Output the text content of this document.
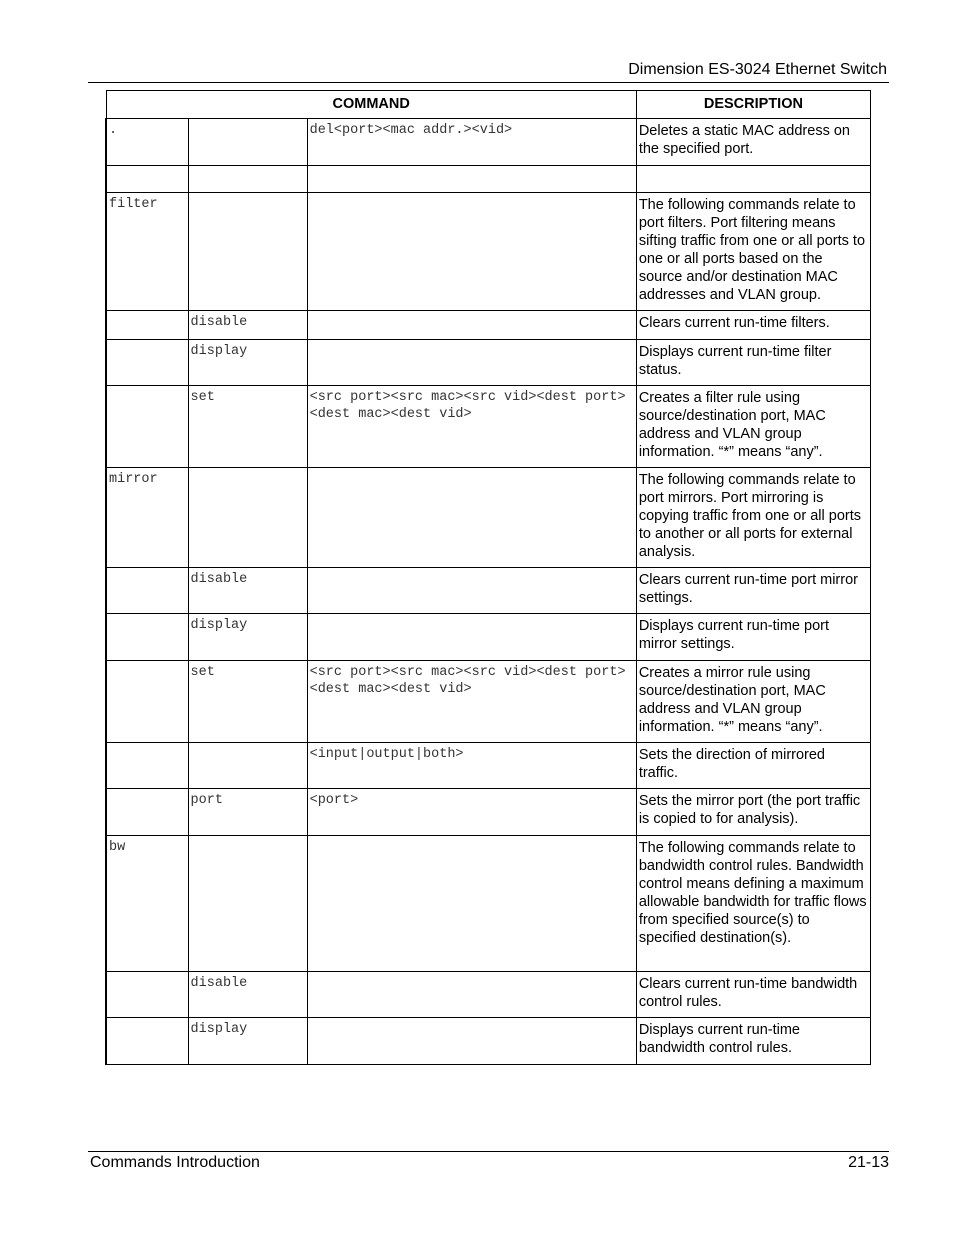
Dimension ES-3024 Ethernet Switch
COMMAND			DESCRIPTION
.		del<port><mac addr.><vid>	Deletes a static MAC address on the specified port.

filter			The following commands relate to port filters. Port filtering means sifting traffic from one or all ports to one or all ports based on the source and/or destination MAC addresses and VLAN group.
	disable		Clears current run-time filters.
	display		Displays current run-time filter status.
	set	<src port><src mac><src vid><dest port><dest mac><dest vid>	Creates a filter rule using source/destination port, MAC address and VLAN group information. “*” means “any”.
mirror			The following commands relate to port mirrors. Port mirroring is copying traffic from one or all ports to another or all ports for external analysis.
	disable		Clears current run-time port mirror settings.
	display		Displays current run-time port mirror settings.
	set	<src port><src mac><src vid><dest port><dest mac><dest vid>	Creates a mirror rule using source/destination port, MAC address and VLAN group information. “*” means “any”.
		<input|output|both>	Sets the direction of mirrored traffic.
	port	<port>	Sets the mirror port (the port traffic is copied to for analysis).
bw			The following commands relate to bandwidth control rules. Bandwidth control means defining a maximum allowable bandwidth for traffic flows from specified source(s) to specified destination(s).
	disable		Clears current run-time bandwidth control rules.
	display		Displays current run-time bandwidth control rules.
Commands Introduction	21-13
